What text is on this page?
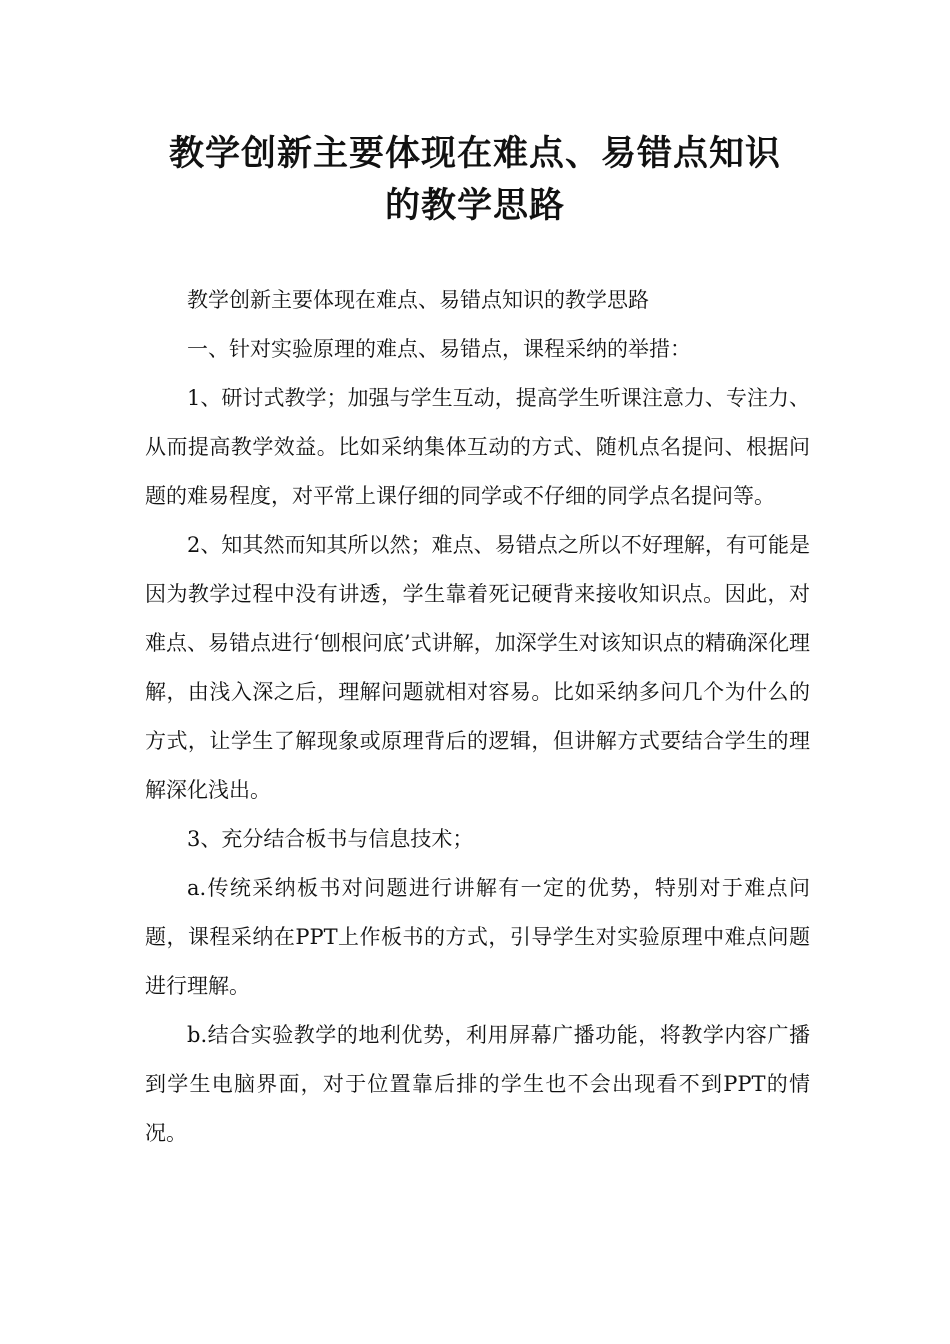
教学创新主要体现在难点、易错点知识
的教学思路

教学创新主要体现在难点、易错点知识的教学思路

一、针对实验原理的难点、易错点，课程采纳的举措：

1、研讨式教学；加强与学生互动，提高学生听课注意力、专注力、从而提高教学效益。比如采纳集体互动的方式、随机点名提问、根据问题的难易程度，对平常上课仔细的同学或不仔细的同学点名提问等。

2、知其然而知其所以然；难点、易错点之所以不好理解，有可能是因为教学过程中没有讲透，学生靠着死记硬背来接收知识点。因此，对难点、易错点进行‘刨根问底’式讲解，加深学生对该知识点的精确深化理解，由浅入深之后，理解问题就相对容易。比如采纳多问几个为什么的方式，让学生了解现象或原理背后的逻辑，但讲解方式要结合学生的理解深化浅出。

3、充分结合板书与信息技术；

a.传统采纳板书对问题进行讲解有一定的优势，特别对于难点问题，课程采纳在PPT上作板书的方式，引导学生对实验原理中难点问题进行理解。

b.结合实验教学的地利优势，利用屏幕广播功能，将教学内容广播到学生电脑界面，对于位置靠后排的学生也不会出现看不到PPT的情况。
